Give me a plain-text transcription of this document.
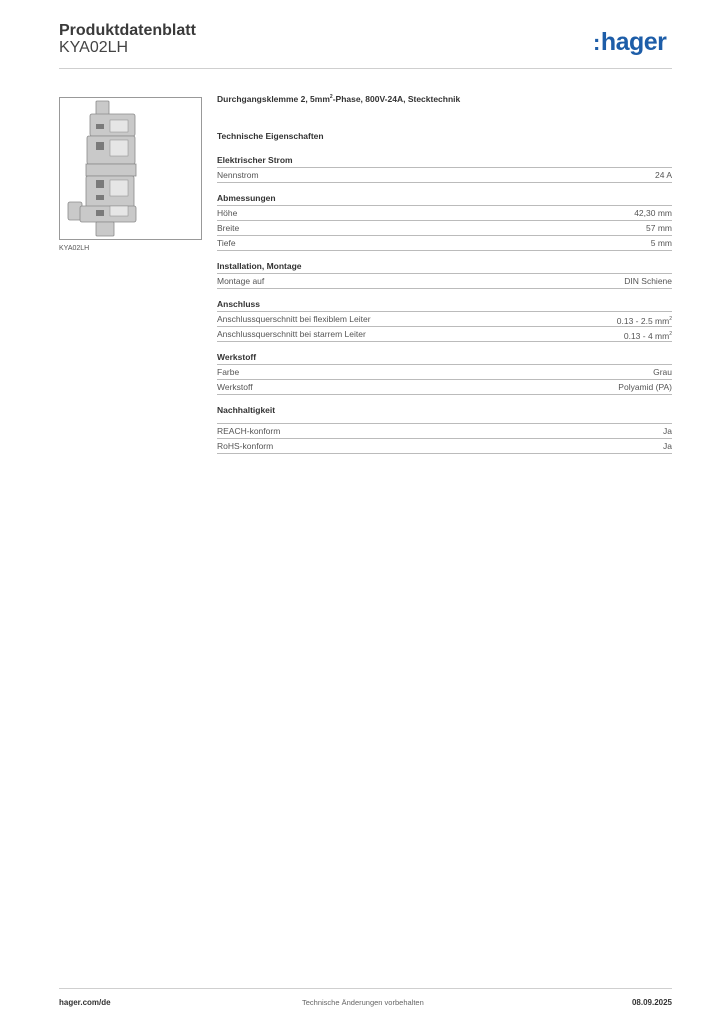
Produktdatenblatt
KYA02LH	:hager
KYA02LH
Durchgangsklemme 2, $5mm^2$-Phase, 800V-24A, Stecktechnik
Technische Eigenschaften
Elektrischer Strom
Nennstrom	24 A
Abmessungen
Höhe	42,30 mm
Breite	57 mm
Tiefe	5 mm
Installation, Montage
Montage auf	DIN Schiene
Anschluss
Anschlussquerschnitt bei flexiblem Leiter	0.13 - 2.5 $mm^2$
Anschlussquerschnitt bei starrem Leiter	0.13 - 4 $mm^2$
Werkstoff
Farbe	Grau
Werkstoff	Polyamid (PA)
Nachhaltigkeit
REACH-konform	Ja
RoHS-konform	Ja
hager.com/de	Technische Änderungen vorbehalten	08.09.2025
